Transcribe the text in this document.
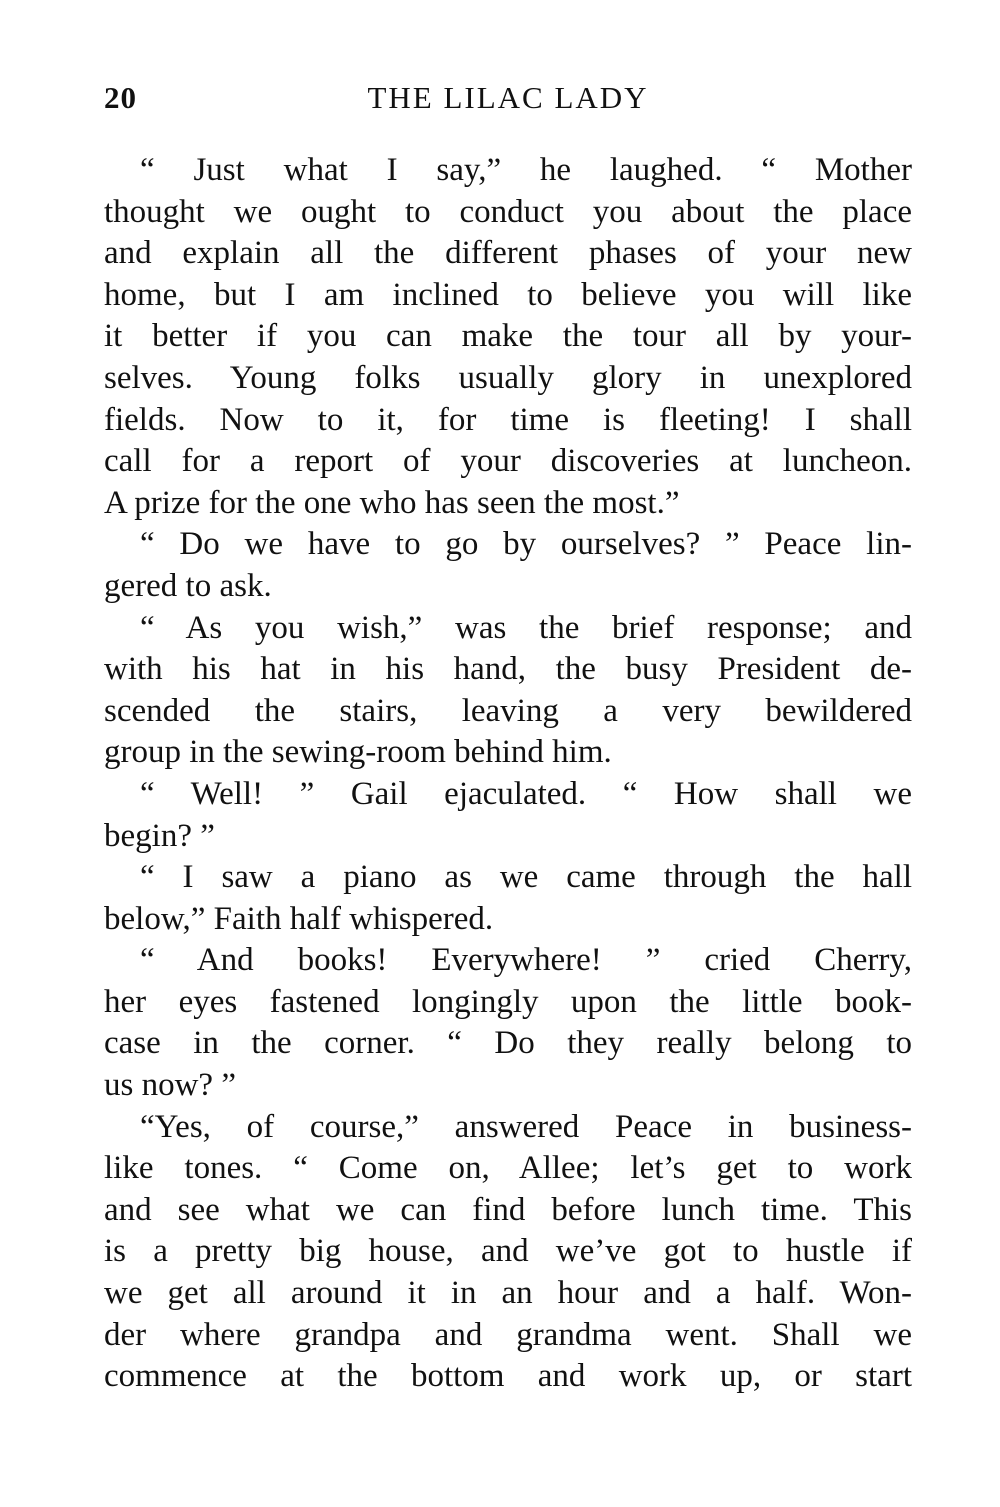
20	THE LILAC LADY
“ Just what I say,” he laughed. “ Mother
thought we ought to conduct you about the place
and explain all the different phases of your new
home, but I am inclined to believe you will like
it better if you can make the tour all by your-
selves. Young folks usually glory in unexplored
fields. Now to it, for time is fleeting! I shall
call for a report of your discoveries at luncheon.
A prize for the one who has seen the most.”
“ Do we have to go by ourselves? ” Peace lin-
gered to ask.
“ As you wish,” was the brief response; and
with his hat in his hand, the busy President de-
scended the stairs, leaving a very bewildered
group in the sewing-room behind him.
“ Well! ” Gail ejaculated. “ How shall we
begin? ”
“ I saw a piano as we came through the hall
below,” Faith half whispered.
“ And books! Everywhere! ” cried Cherry,
her eyes fastened longingly upon the little book-
case in the corner. “ Do they really belong to
us now? ”
“Yes, of course,” answered Peace in business-
like tones. “ Come on, Allee; let’s get to work
and see what we can find before lunch time. This
is a pretty big house, and we’ve got to hustle if
we get all around it in an hour and a half. Won-
der where grandpa and grandma went. Shall we
commence at the bottom and work up, or start
